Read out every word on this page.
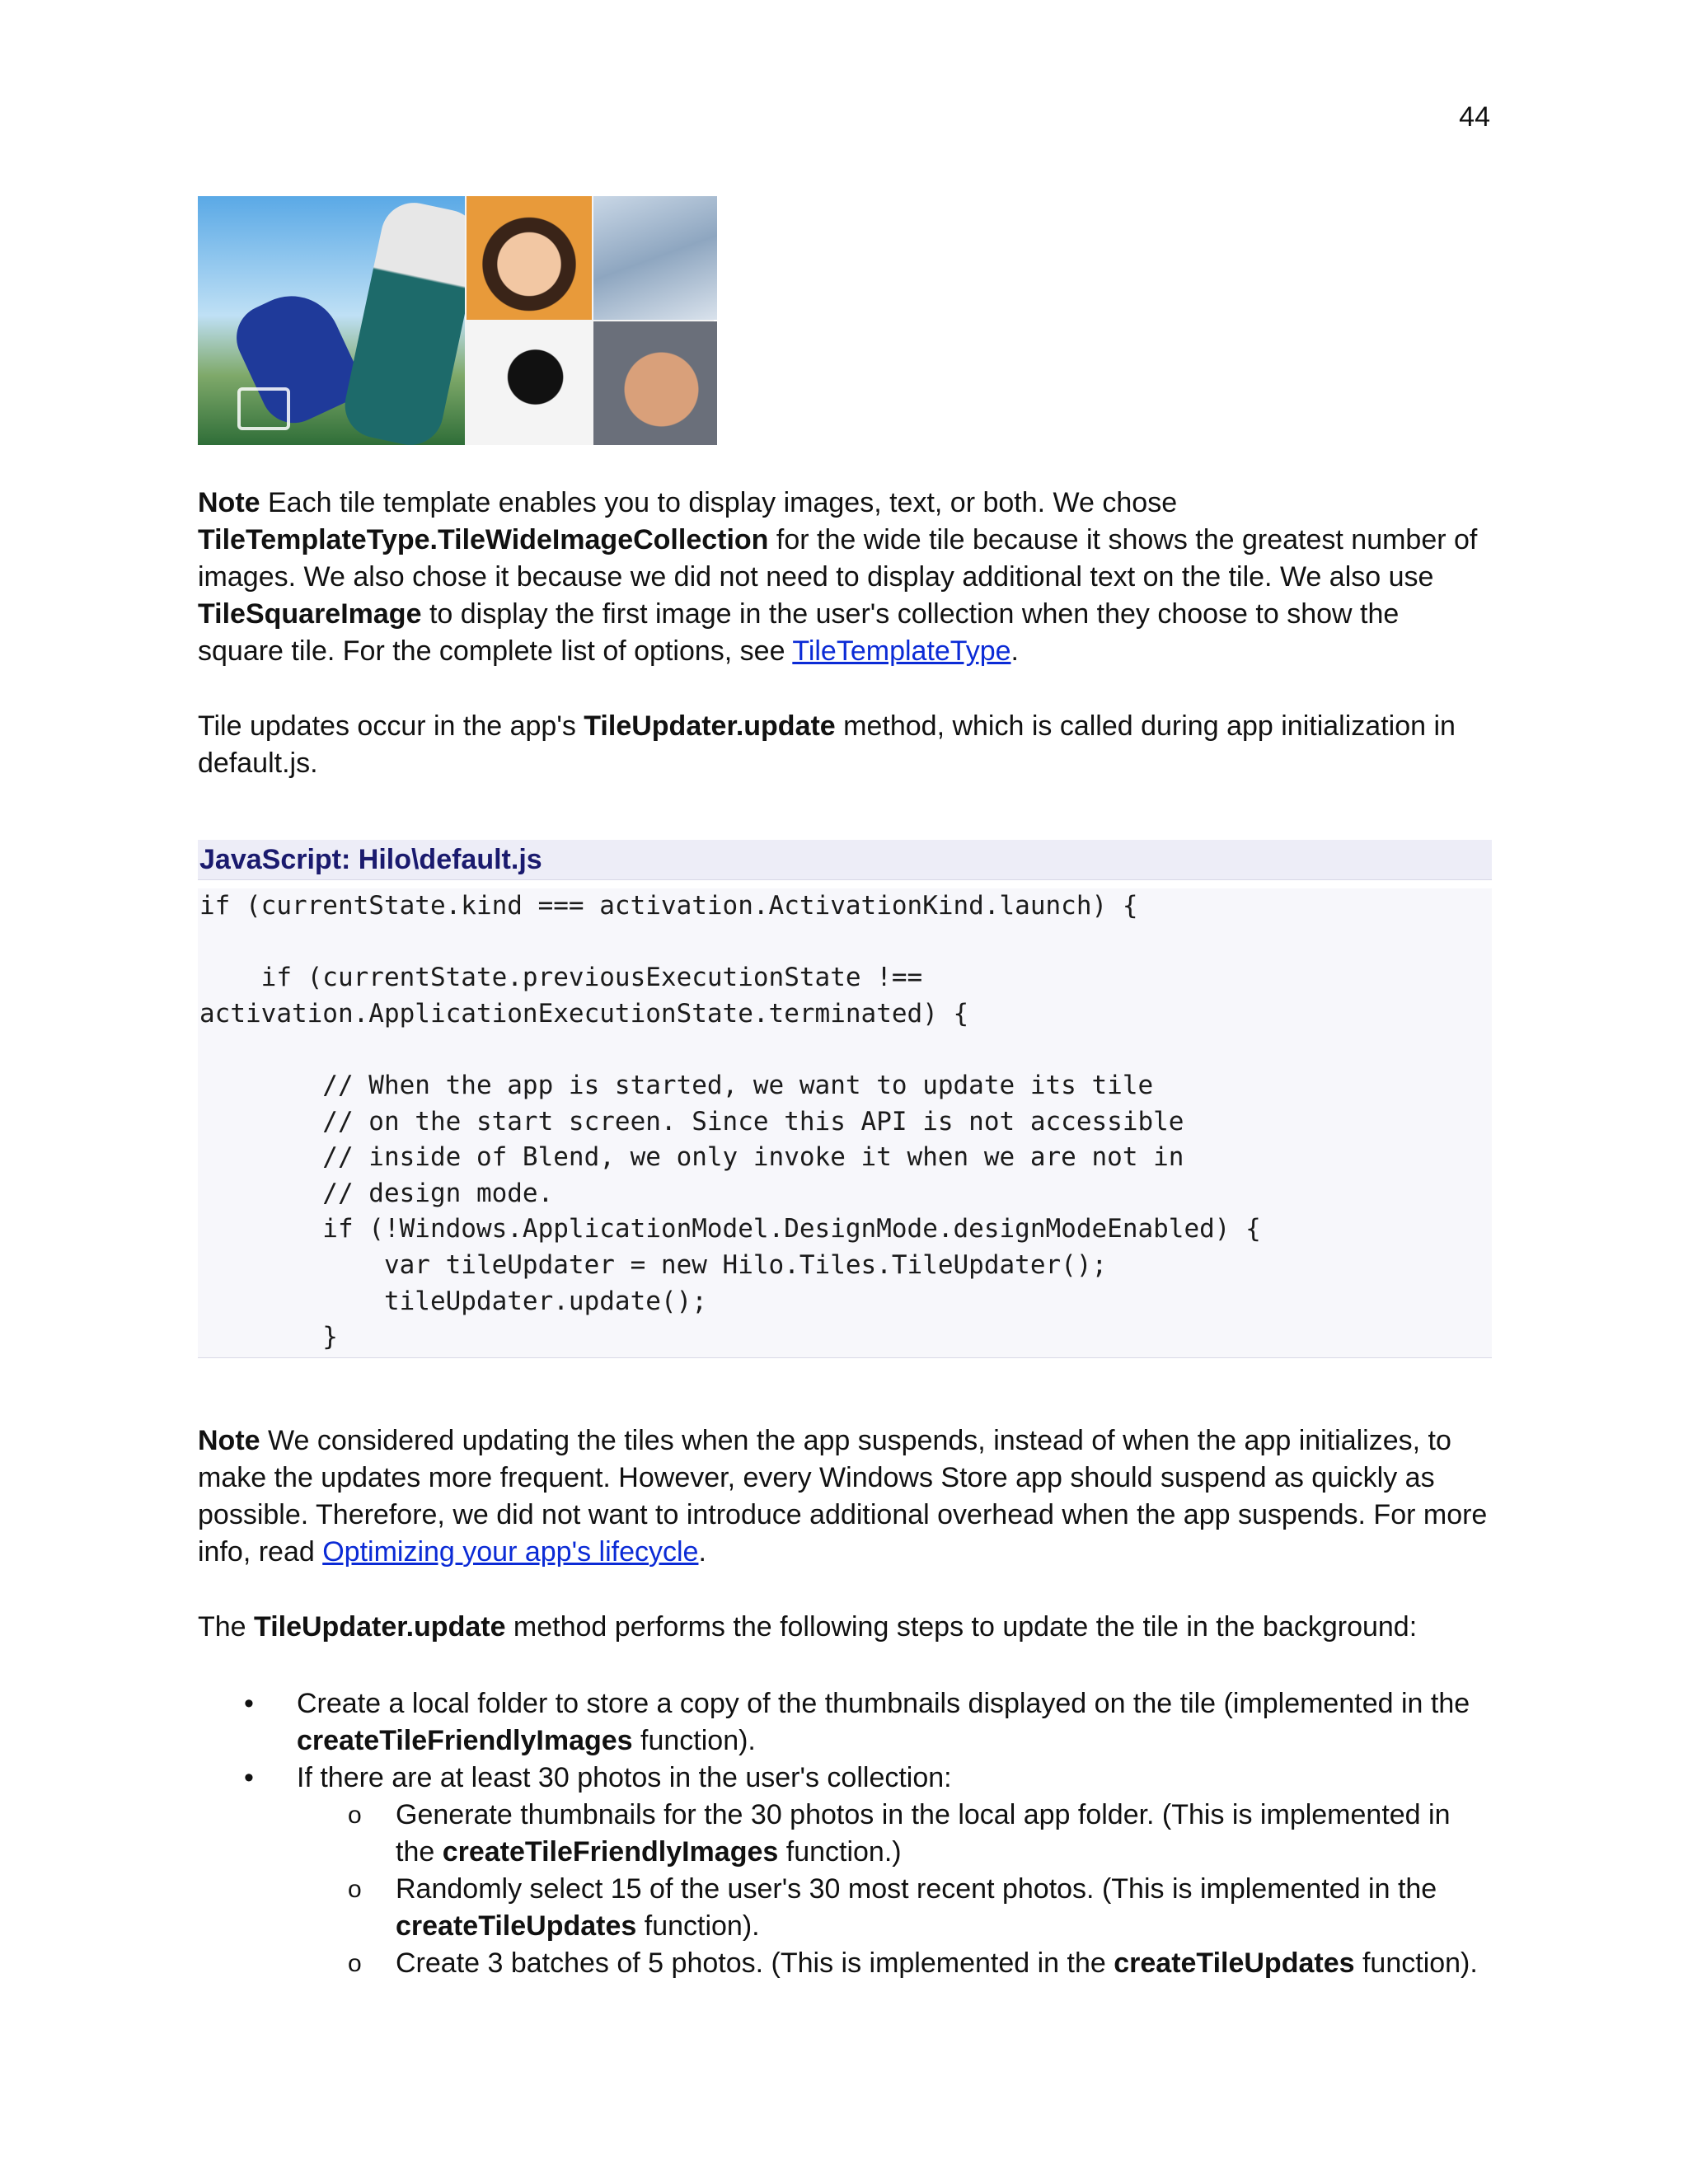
44

Note Each tile template enables you to display images, text, or both. We chose TileTemplateType.TileWideImageCollection for the wide tile because it shows the greatest number of images. We also chose it because we did not need to display additional text on the tile. We also use TileSquareImage to display the first image in the user's collection when they choose to show the square tile. For the complete list of options, see TileTemplateType.

Tile updates occur in the app's TileUpdater.update method, which is called during app initialization in default.js.

JavaScript: Hilo\default.js
if (currentState.kind === activation.ActivationKind.launch) {

if (currentState.previousExecutionState !==
activation.ApplicationExecutionState.terminated) {

// When the app is started, we want to update its tile
// on the start screen. Since this API is not accessible
// inside of Blend, we only invoke it when we are not in
// design mode.
if (!Windows.ApplicationModel.DesignMode.designModeEnabled) {
var tileUpdater = new Hilo.Tiles.TileUpdater();
tileUpdater.update();
}

Note We considered updating the tiles when the app suspends, instead of when the app initializes, to make the updates more frequent. However, every Windows Store app should suspend as quickly as possible. Therefore, we did not want to introduce additional overhead when the app suspends. For more info, read Optimizing your app's lifecycle.

The TileUpdater.update method performs the following steps to update the tile in the background:

• Create a local folder to store a copy of the thumbnails displayed on the tile (implemented in the createTileFriendlyImages function).
• If there are at least 30 photos in the user's collection:
o Generate thumbnails for the 30 photos in the local app folder. (This is implemented in the createTileFriendlyImages function.)
o Randomly select 15 of the user's 30 most recent photos. (This is implemented in the createTileUpdates function).
o Create 3 batches of 5 photos. (This is implemented in the createTileUpdates function).
